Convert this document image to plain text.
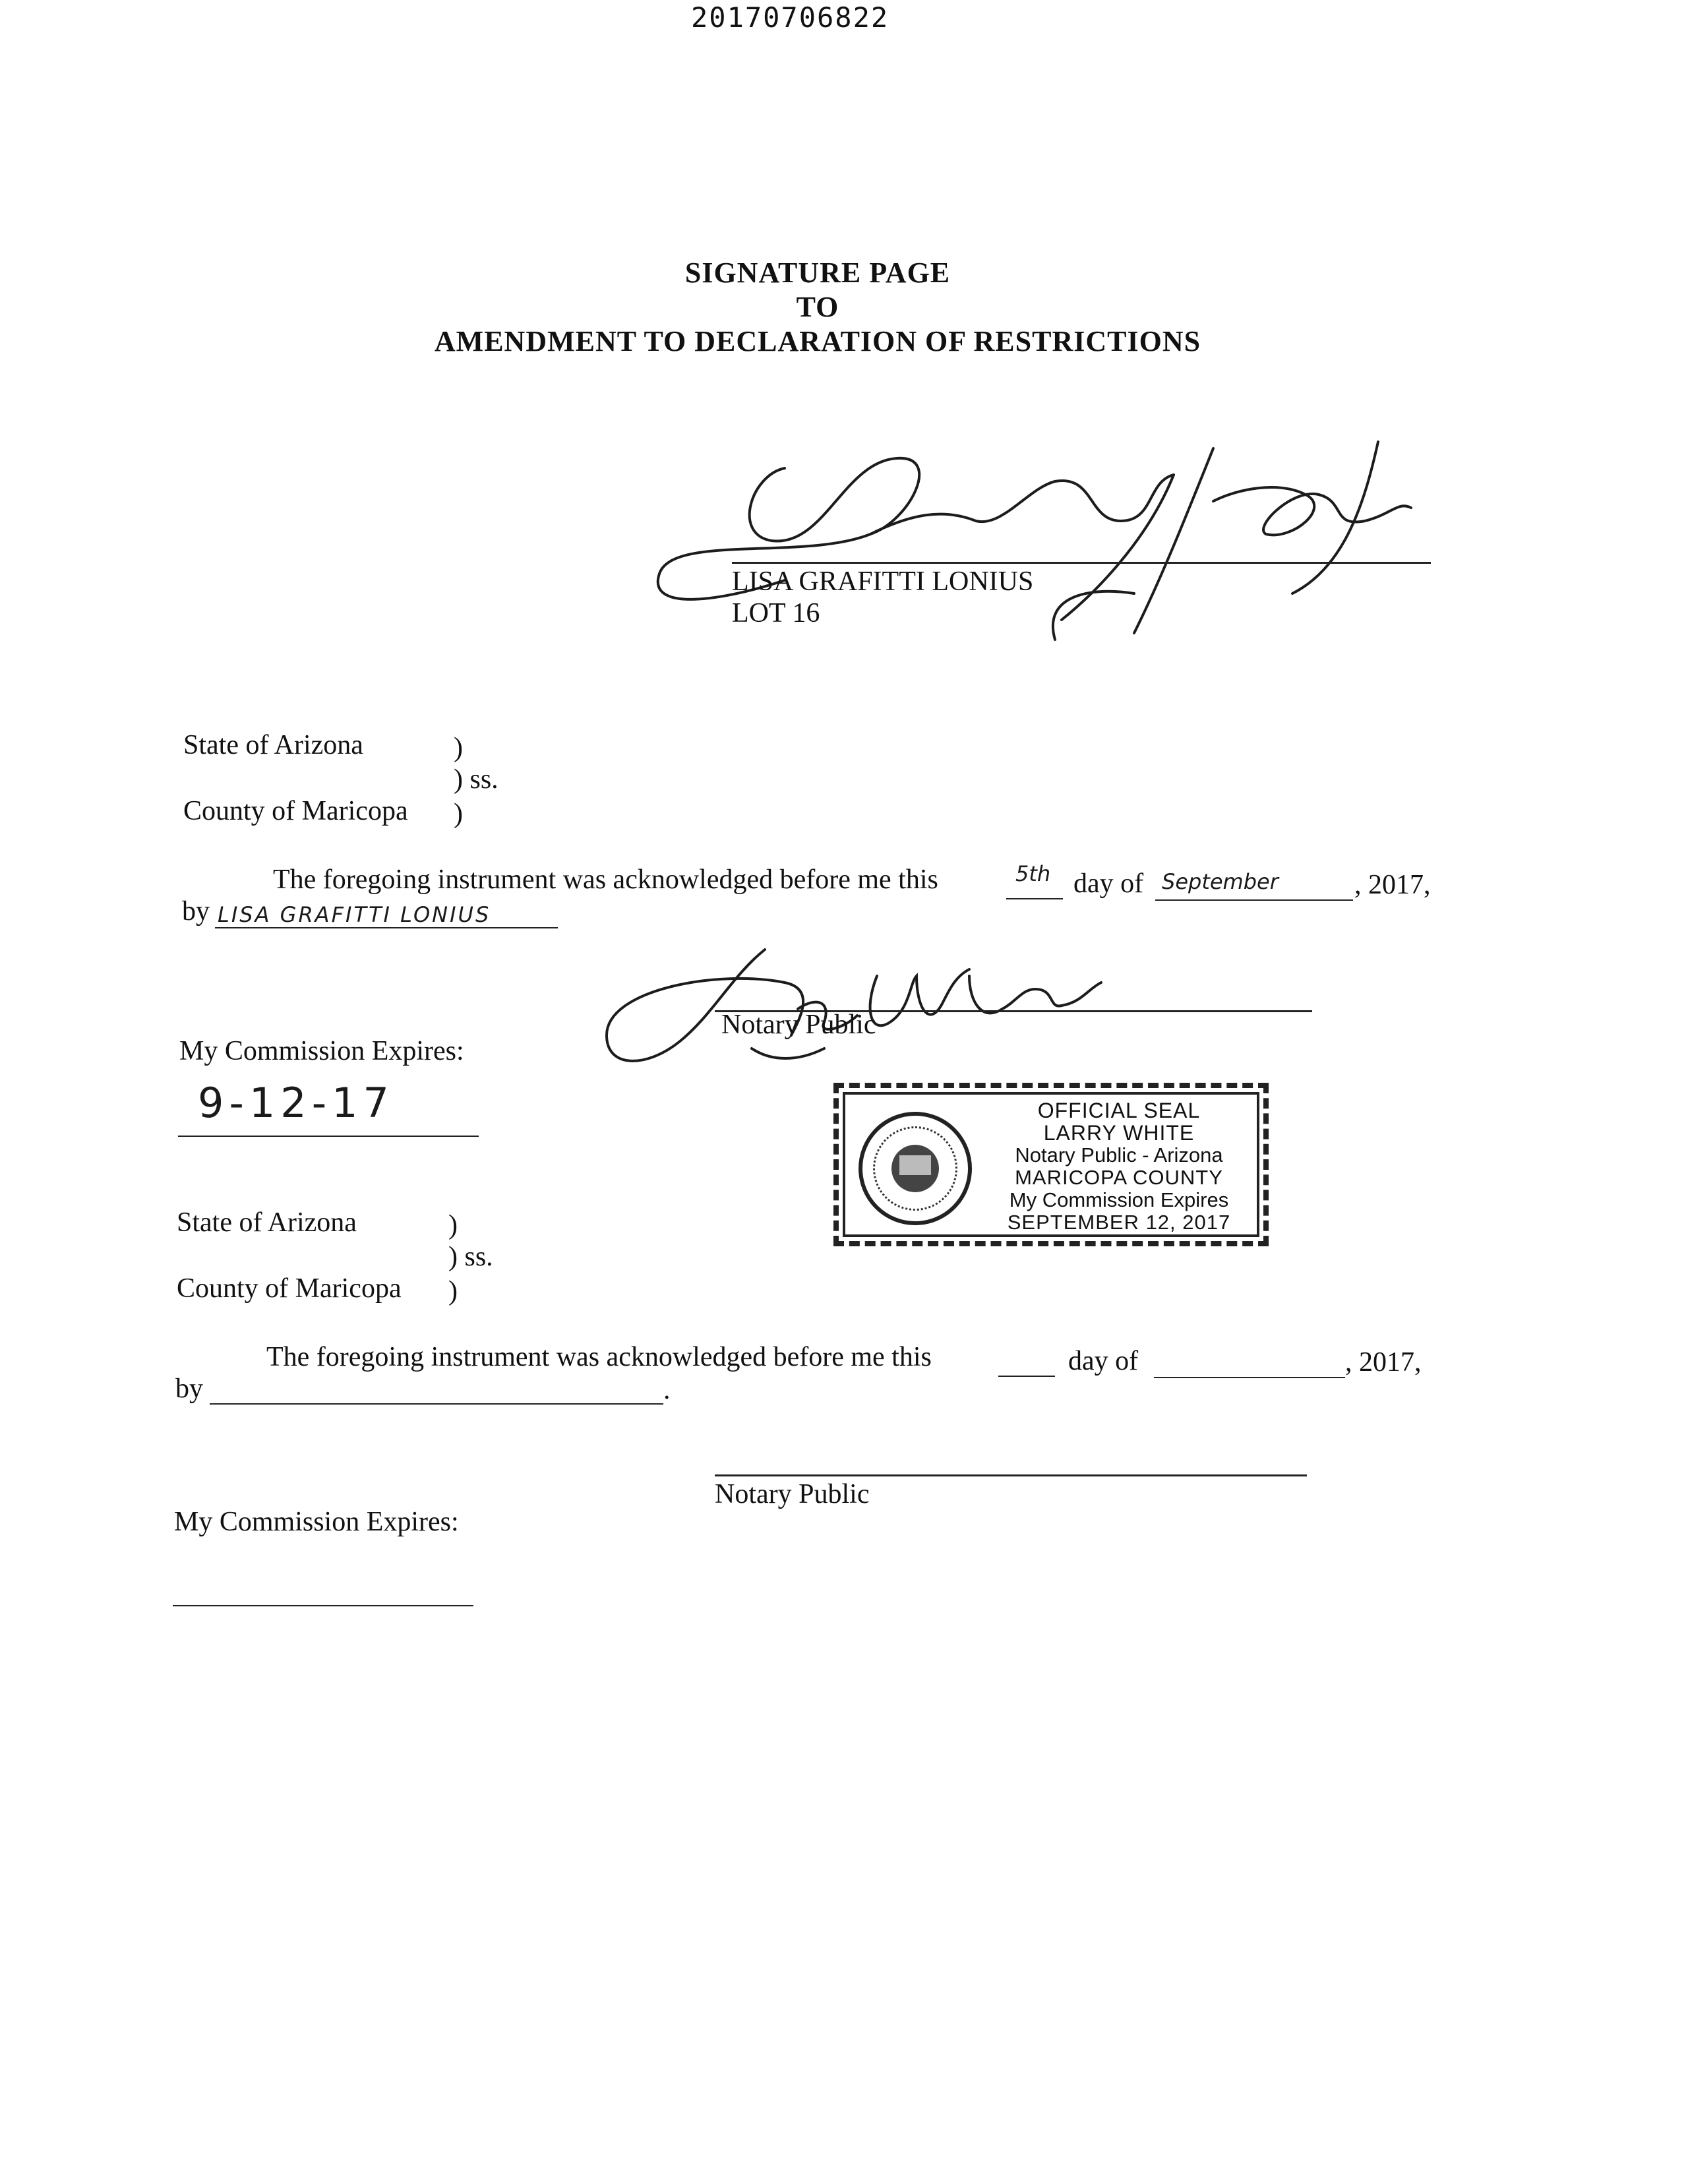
20170706822
SIGNATURE PAGE
TO
AMENDMENT TO DECLARATION OF RESTRICTIONS
LISA GRAFITTI LONIUS
LOT 16
State of Arizona	)
) ss.
County of Maricopa )
The foregoing instrument was acknowledged before me this	5th day of September	, 2017,
by LISA GRAFITTI LONIUS
Notary Public
My Commission Expires:
9-12-17	OFFICIAL SEAL
LARRY WHITE
Notary Public - Arizona
MARICOPA COUNTY
My Commission Expires
SEPTEMBER 12, 2017
State of Arizona	)
) ss.
County of Maricopa )
The foregoing instrument was acknowledged before me this	day of	, 2017,
by	.
Notary Public
My Commission Expires:
